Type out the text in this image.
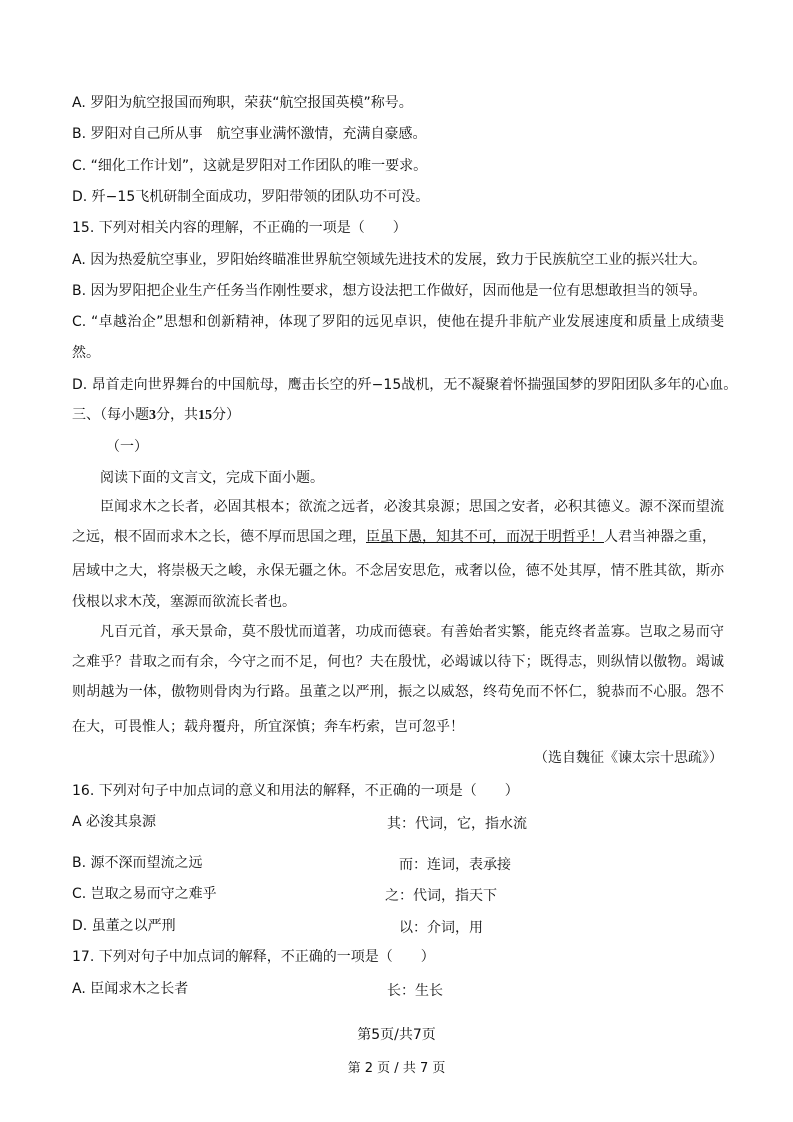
A. 罗阳为航空报国而殉职，荣获“航空报国英模”称号。
B. 罗阳对自己所从事　航空事业满怀激情，充满自豪感。
C. “细化工作计划”，这就是罗阳对工作团队的唯一要求。
D. 歼−15飞机研制全面成功，罗阳带领的团队功不可没。
15. 下列对相关内容的理解，不正确的一项是（　　）
A. 因为热爱航空事业，罗阳始终瞄准世界航空领域先进技术的发展，致力于民族航空工业的振兴壮大。
B. 因为罗阳把企业生产任务当作刚性要求，想方设法把工作做好，因而他是一位有思想敢担当的领导。
C. “卓越治企”思想和创新精神，体现了罗阳的远见卓识，使他在提升非航产业发展速度和质量上成绩斐
然。
D. 昂首走向世界舞台的中国航母，鹰击长空的歼−15战机，无不凝聚着怀揣强国梦的罗阳团队多年的心血。
三、（每小题3分，共15分）
（一）
阅读下面的文言文，完成下面小题。
臣闻求木之长者，必固其根本；欲流之远者，必浚其泉源；思国之安者，必积其德义。源不深而望流
之远，根不固而求木之长，德不厚而思国之理，臣虽下愚，知其不可，而况于明哲乎！人君当神器之重，
居域中之大，将崇极天之峻，永保无疆之休。不念居安思危，戒奢以俭，德不处其厚，情不胜其欲，斯亦
伐根以求木茂，塞源而欲流长者也。
凡百元首，承天景命，莫不殷忧而道著，功成而德衰。有善始者实繁，能克终者盖寡。岂取之易而守
之难乎？昔取之而有余，今守之而不足，何也？夫在殷忧，必竭诚以待下；既得志，则纵情以傲物。竭诚
则胡越为一体，傲物则骨肉为行路。虽董之以严刑，振之以威怒，终苟免而不怀仁，貌恭而不心服。怨不
在大，可畏惟人；载舟覆舟，所宜深慎；奔车朽索，岂可忽乎！
（选自魏征《谏太宗十思疏》）
16. 下列对句子中加点词的意义和用法的解释，不正确的一项是（　　）
A 必浚其泉源	其：代词，它，指水流
B. 源不深而望流之远	而：连词，表承接
C. 岂取之易而守之难乎	之：代词，指天下
D. 虽董之以严刑	以：介词，用
17. 下列对句子中加点词的解释，不正确的一项是（　　）
A. 臣闻求木之长者	长：生长
第5页/共7页
第 2 页 / 共 7 页
